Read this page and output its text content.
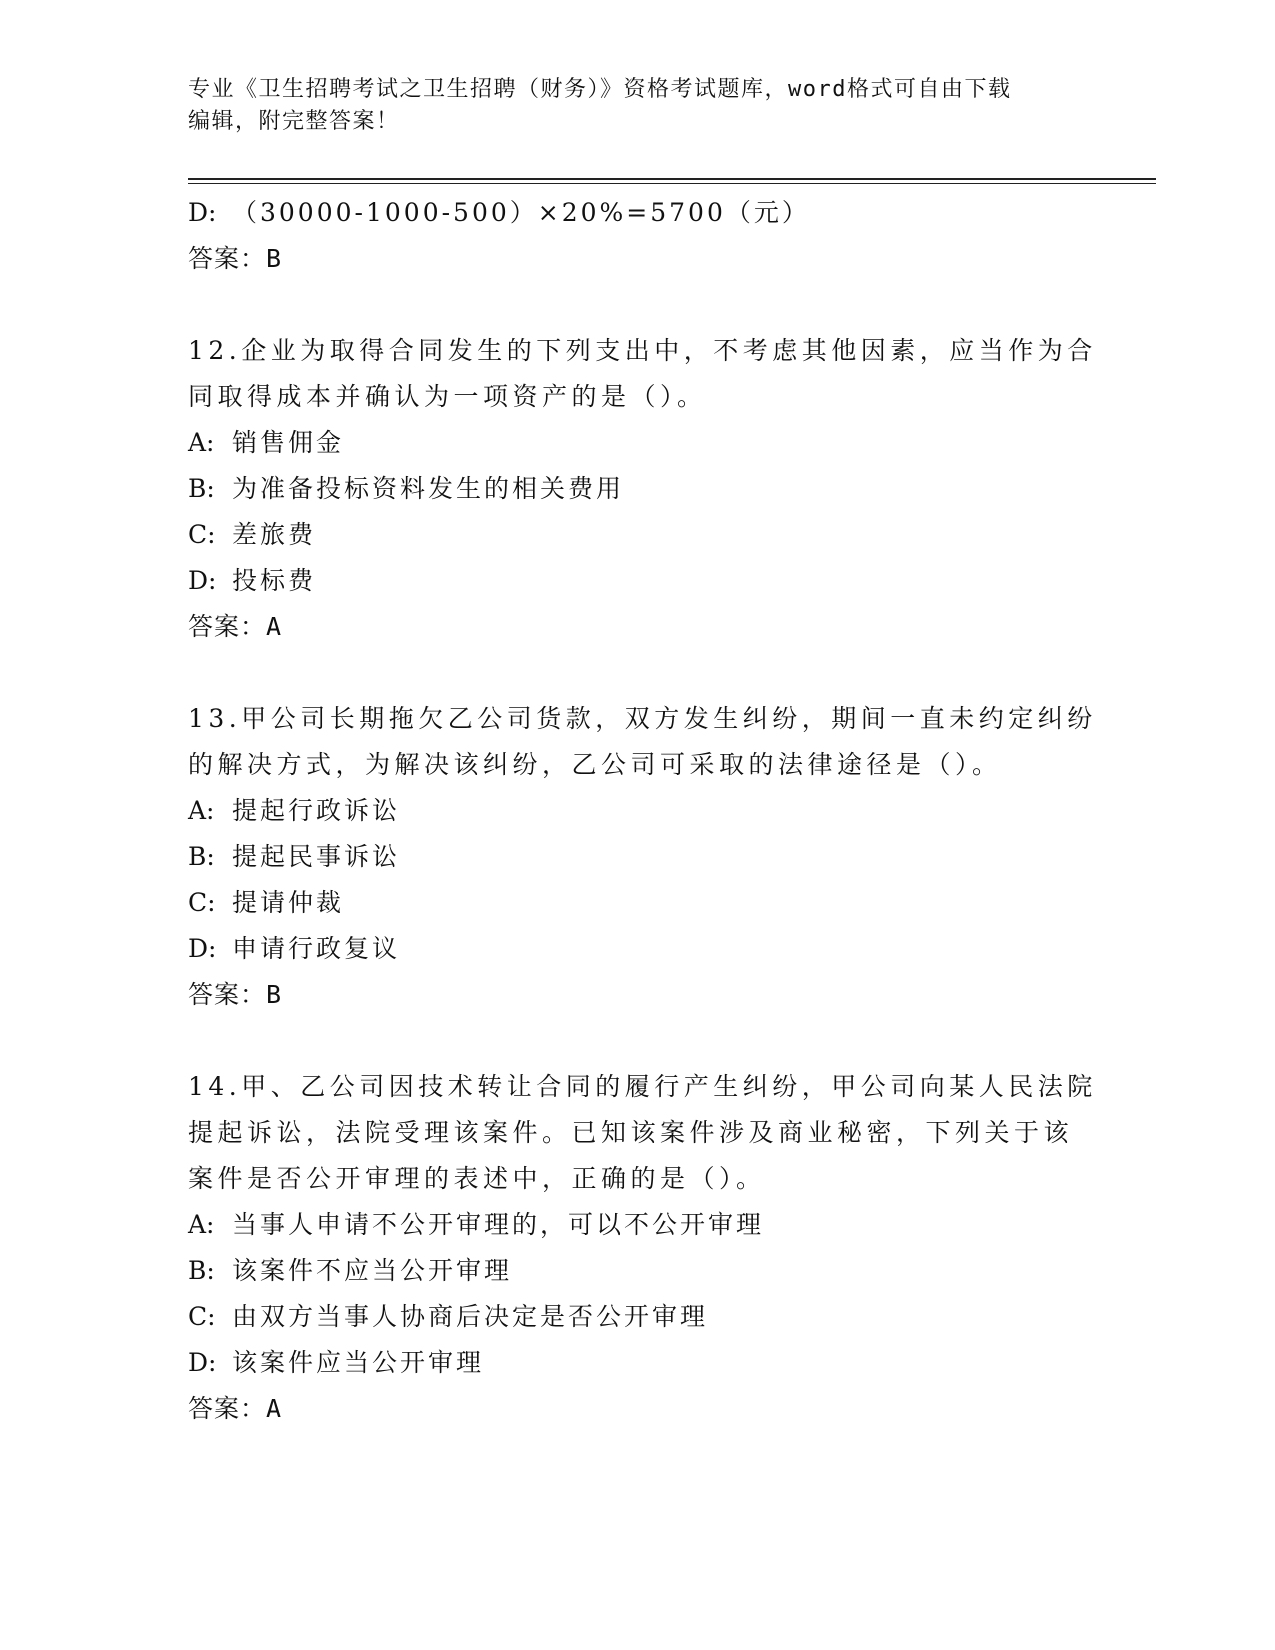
专业《卫生招聘考试之卫生招聘（财务）》资格考试题库，word格式可自由下载
编辑，附完整答案！
D: （30000-1000-500）×20%=5700（元）
答案：B
12.企业为取得合同发生的下列支出中，不考虑其他因素，应当作为合
同取得成本并确认为一项资产的是（）。
A: 销售佣金
B: 为准备投标资料发生的相关费用
C: 差旅费
D: 投标费
答案：A
13.甲公司长期拖欠乙公司货款，双方发生纠纷，期间一直未约定纠纷
的解决方式，为解决该纠纷，乙公司可采取的法律途径是（）。
A: 提起行政诉讼
B: 提起民事诉讼
C: 提请仲裁
D: 申请行政复议
答案：B
14.甲、乙公司因技术转让合同的履行产生纠纷，甲公司向某人民法院
提起诉讼，法院受理该案件。已知该案件涉及商业秘密，下列关于该
案件是否公开审理的表述中，正确的是（）。
A: 当事人申请不公开审理的，可以不公开审理
B: 该案件不应当公开审理
C: 由双方当事人协商后决定是否公开审理
D: 该案件应当公开审理
答案：A
